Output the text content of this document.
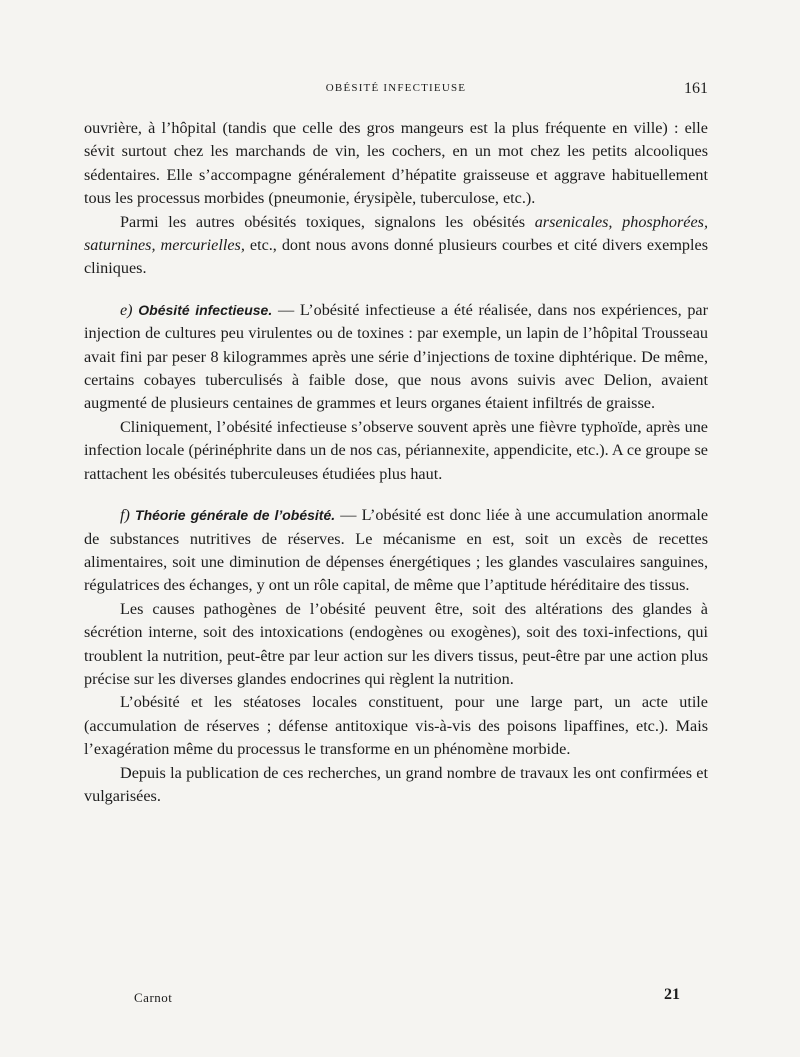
OBÉSITÉ INFECTIEUSE	161

ouvrière, à l’hôpital (tandis que celle des gros mangeurs est la plus fréquente en ville) : elle sévit surtout chez les marchands de vin, les cochers, en un mot chez les petits alcooliques sédentaires. Elle s’accompagne généralement d’hépatite graisseuse et aggrave habituellement tous les processus morbides (pneumonie, érysipèle, tuberculose, etc.).

Parmi les autres obésités toxiques, signalons les obésités arsenicales, phosphorées, saturnines, mercurielles, etc., dont nous avons donné plusieurs courbes et cité divers exemples cliniques.

e) Obésité infectieuse. — L’obésité infectieuse a été réalisée, dans nos expériences, par injection de cultures peu virulentes ou de toxines : par exemple, un lapin de l’hôpital Trousseau avait fini par peser 8 kilogrammes après une série d’injections de toxine diphtérique. De même, certains cobayes tuberculisés à faible dose, que nous avons suivis avec Delion, avaient augmenté de plusieurs centaines de grammes et leurs organes étaient infiltrés de graisse.

Cliniquement, l’obésité infectieuse s’observe souvent après une fièvre typhoïde, après une infection locale (périnéphrite dans un de nos cas, périannexite, appendicite, etc.). A ce groupe se rattachent les obésités tuberculeuses étudiées plus haut.

f) Théorie générale de l’obésité. — L’obésité est donc liée à une accumulation anormale de substances nutritives de réserves. Le mécanisme en est, soit un excès de recettes alimentaires, soit une diminution de dépenses énergétiques ; les glandes vasculaires sanguines, régulatrices des échanges, y ont un rôle capital, de même que l’aptitude héréditaire des tissus.

Les causes pathogènes de l’obésité peuvent être, soit des altérations des glandes à sécrétion interne, soit des intoxications (endogènes ou exogènes), soit des toxi-infections, qui troublent la nutrition, peut-être par leur action sur les divers tissus, peut-être par une action plus précise sur les diverses glandes endocrines qui règlent la nutrition.

L’obésité et les stéatoses locales constituent, pour une large part, un acte utile (accumulation de réserves ; défense antitoxique vis-à-vis des poisons lipaffines, etc.). Mais l’exagération même du processus le transforme en un phénomène morbide.

Depuis la publication de ces recherches, un grand nombre de travaux les ont confirmées et vulgarisées.

Carnot	21
